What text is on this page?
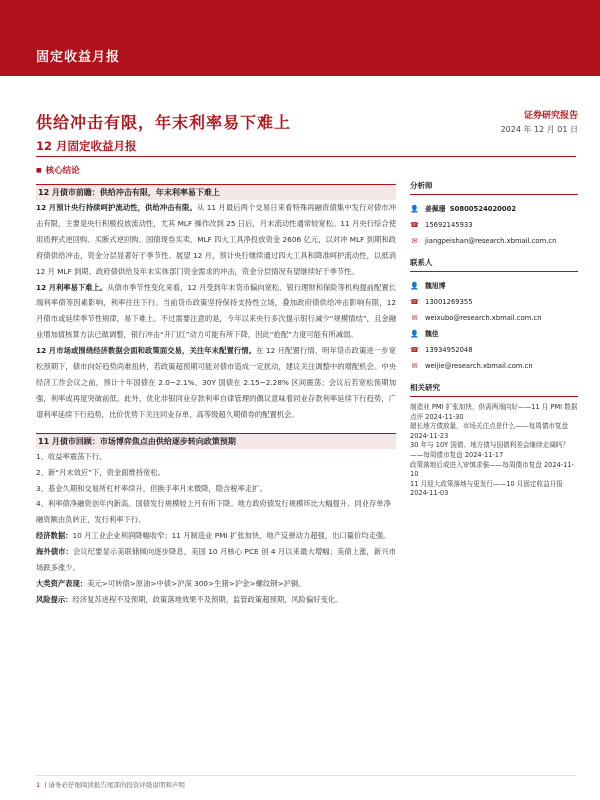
固定收益月报
供给冲击有限，年末利率易下难上
12 月固定收益月报
证券研究报告
2024 年 12 月 01 日
■ 核心结论
12 月债市前瞻：供给冲击有限，年末利率易下难上

12 月预计央行持续呵护流动性，供给冲击有限。从 11 月最后两个交易日来看特殊再融资债集中发行对债市冲击有限，主要是央行积极投放流动性，尤其 MLF 操作改到 25 日后，月末流动性通常较宽松。11 月央行综合使用质押式逆回购、买断式逆回购、国债现券买卖、MLF 四大工具净投放资金 2606 亿元，以对冲 MLF 到期和政府债供给冲击，资金分层显著好于季节性。展望 12 月，预计央行继续通过四大工具和降准呵护流动性，以抵消 12 月 MLF 到期、政府债供给及年末实体部门资金需求的冲击，资金分层情况有望继续好于季节性。

12 月利率易下难上。从债市季节性变化来看，12 月受到年末货币偏向宽松、银行理财和保险等机构提前配置长端利率债等因素影响，利率往往下行。当前货币政策坚持保持支持性立场，叠加政府债供给冲击影响有限，12 月债市或延续季节性规律，易下难上。不过需要注意的是，今年以来央行多次提示银行减少“规模情结”，且金融业增加值核算方法已做调整，银行冲击“开门红”动力可能有所下降，因此“抢配”力度可能有所减弱。

12 月市场或围绕经济数据会面和政策面交易，关注年末配置行情。在 12 月配置行情、明年货币政策进一步宽松预期下，债市向好趋势尚难扭转，若政策超预期可能对债市造成一定扰动，建议关注调整中的增配机会。中央经济工作会议之前，预计十年国债在 2.0~2.1%、30Y 国债在 2.15~2.28% 区间震荡；会议后若宽松预期加强，利率或再度突破前低。此外，优化非银同业存款利率自律管理的偶议意味着同业存款利率延续下行趋势，广谱利率延续下行趋势，比价优势下关注同业存单、高等级超久期债券的配置机会。

11 月债市回顾：市场博弈焦点由供给逐步转向政策预期

1、收益率震荡下行。

2、新“月末效应”下，资金面维持宽松。

3、基金久期和交易所杠杆率续升，但换手率月末微降，隐含税率走扩。

4、利率债净融资创年内新高。国债发行规模较上月有所下降。地方政府债发行规模环比大幅提升。同业存单净融资额由负转正，发行利率下行。

经济数据：10 月工业企业利润降幅收窄；11 月制造业 PMI 扩张加快，地产反弹动力超强，出口量价均走强。

海外债市：会议纪要显示美联储倾向逐步降息，美国 10 月核心 PCE 创 4 月以来最大增幅；美债上涨，新兴市场跌多涨少。

大类资产表现：美元>可转债>原油>中债>沪深 300>生猪>沪金>螺纹钢>沪铜。

风险提示：经济复苏进程不及预期，政策落地效果不及预期，监管政策超预期，风险偏好变化。

分析师
👤 姜佩珊 S0800524020002
☎ 15692145933
✉ jiangpeishan@research.xbmail.com.cn
联系人
👤 魏旭博
☎ 13001269355
✉ weixubo@research.xbmail.com.cn
👤 魏佳
☎ 13934952048
✉ weijie@research.xbmail.com.cn
相关研究
制造业 PMI 扩张加快，供需两端向好——11 月 PMI 数据点评 2024-11-30
超长地方债放量，市场关注点是什么——每周债市复盘 2024-11-23
30 年与 10Y 国债、地方债与国债利差会继续走阔吗？——每周债市复盘 2024-11-17
政策落地后或进入审慎求强——每周债市复盘 2024-11-10
11 月迎大政策落地与更发行——10 月固定收益月报 2024-11-03
1 | 请务必仔细阅读报告尾部的投资评级说明和声明
